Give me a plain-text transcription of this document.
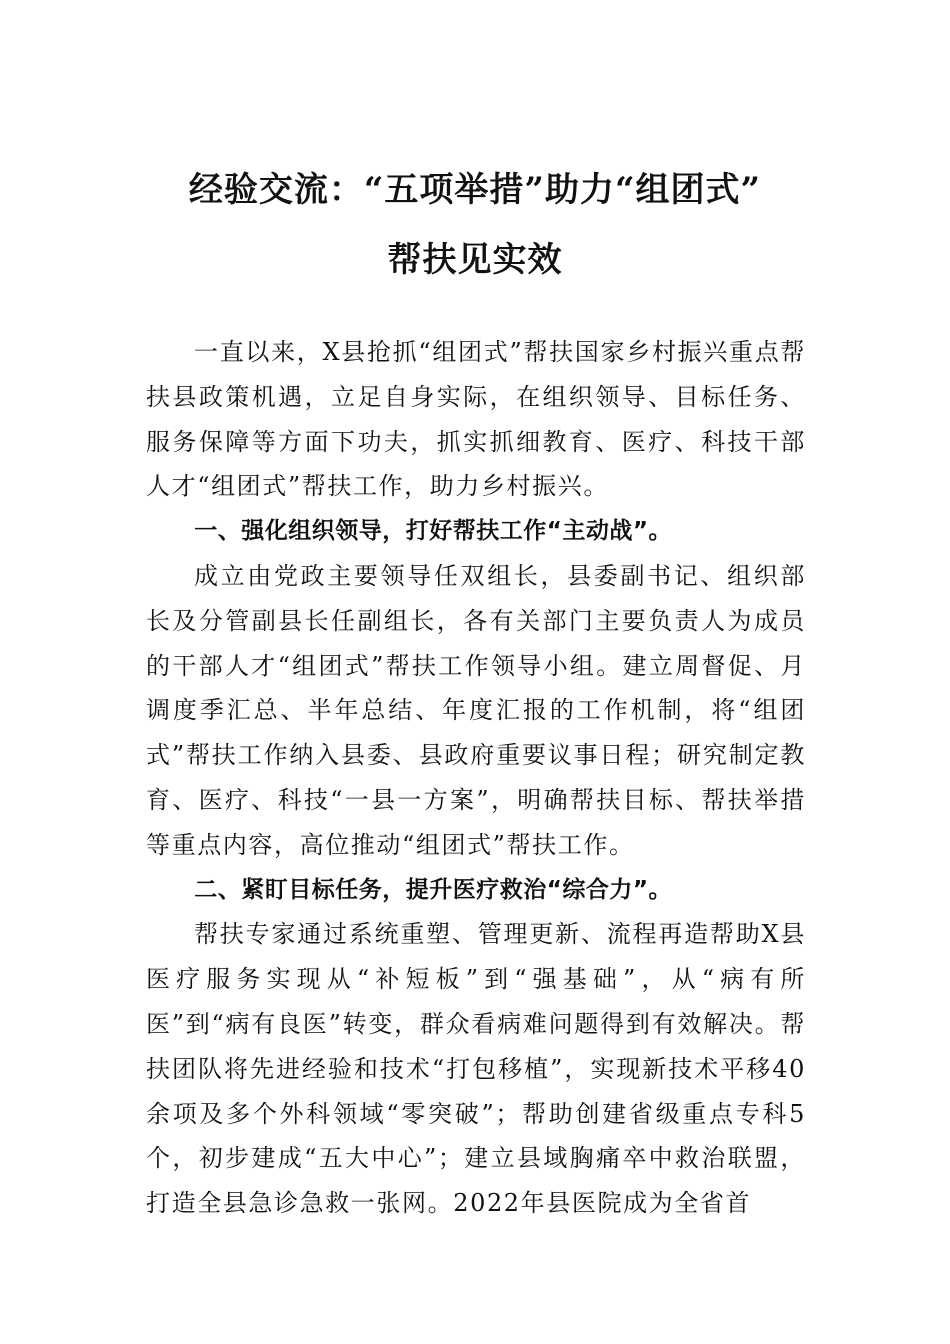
经验交流：“五项举措”助力“组团式”
帮扶见实效

一直以来，X县抢抓“组团式”帮扶国家乡村振兴重点帮扶县政策机遇，立足自身实际，在组织领导、目标任务、服务保障等方面下功夫，抓实抓细教育、医疗、科技干部人才“组团式”帮扶工作，助力乡村振兴。

一、强化组织领导，打好帮扶工作“主动战”。

成立由党政主要领导任双组长，县委副书记、组织部长及分管副县长任副组长，各有关部门主要负责人为成员的干部人才“组团式”帮扶工作领导小组。建立周督促、月调度季汇总、半年总结、年度汇报的工作机制，将“组团式”帮扶工作纳入县委、县政府重要议事日程；研究制定教育、医疗、科技“一县一方案”，明确帮扶目标、帮扶举措等重点内容，高位推动“组团式”帮扶工作。

二、紧盯目标任务，提升医疗救治“综合力”。

帮扶专家通过系统重塑、管理更新、流程再造帮助X县医疗服务实现从“补短板”到“强基础”，从“病有所医”到“病有良医”转变，群众看病难问题得到有效解决。帮扶团队将先进经验和技术“打包移植”，实现新技术平移40余项及多个外科领域“零突破”；帮助创建省级重点专科5个，初步建成“五大中心”；建立县域胸痛卒中救治联盟，打造全县急诊急救一张网。2022年县医院成为全省首
